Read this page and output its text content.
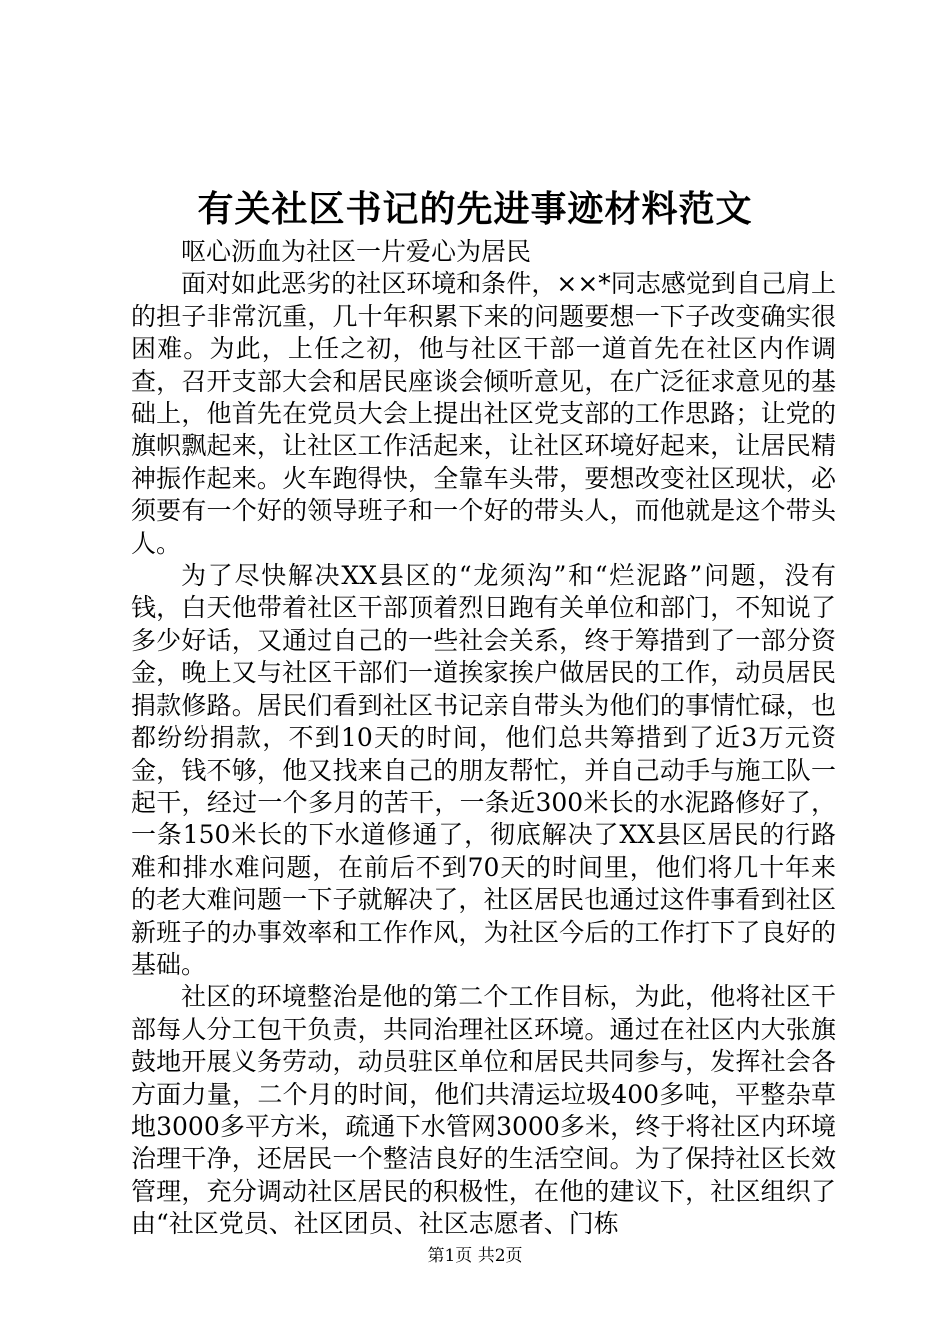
有关社区书记的先进事迹材料范文

呕心沥血为社区一片爱心为居民

面对如此恶劣的社区环境和条件，××*同志感觉到自己肩上的担子非常沉重，几十年积累下来的问题要想一下子改变确实很困难。为此，上任之初，他与社区干部一道首先在社区内作调查，召开支部大会和居民座谈会倾听意见，在广泛征求意见的基础上，他首先在党员大会上提出社区党支部的工作思路；让党的旗帜飘起来，让社区工作活起来，让社区环境好起来，让居民精神振作起来。火车跑得快，全靠车头带，要想改变社区现状，必须要有一个好的领导班子和一个好的带头人，而他就是这个带头人。

为了尽快解决XX县区的“龙须沟”和“烂泥路”问题，没有钱，白天他带着社区干部顶着烈日跑有关单位和部门，不知说了多少好话，又通过自己的一些社会关系，终于筹措到了一部分资金，晚上又与社区干部们一道挨家挨户做居民的工作，动员居民捐款修路。居民们看到社区书记亲自带头为他们的事情忙碌，也都纷纷捐款，不到10天的时间，他们总共筹措到了近3万元资金，钱不够，他又找来自己的朋友帮忙，并自己动手与施工队一起干，经过一个多月的苦干，一条近300米长的水泥路修好了，一条150米长的下水道修通了，彻底解决了XX县区居民的行路难和排水难问题，在前后不到70天的时间里，他们将几十年来的老大难问题一下子就解决了，社区居民也通过这件事看到社区新班子的办事效率和工作作风，为社区今后的工作打下了良好的基础。

社区的环境整治是他的第二个工作目标，为此，他将社区干部每人分工包干负责，共同治理社区环境。通过在社区内大张旗鼓地开展义务劳动，动员驻区单位和居民共同参与，发挥社会各方面力量，二个月的时间，他们共清运垃圾400多吨，平整杂草地3000多平方米，疏通下水管网3000多米，终于将社区内环境治理干净，还居民一个整洁良好的生活空间。为了保持社区长效管理，充分调动社区居民的积极性，在他的建议下，社区组织了由“社区党员、社区团员、社区志愿者、门栋

第1页 共2页
